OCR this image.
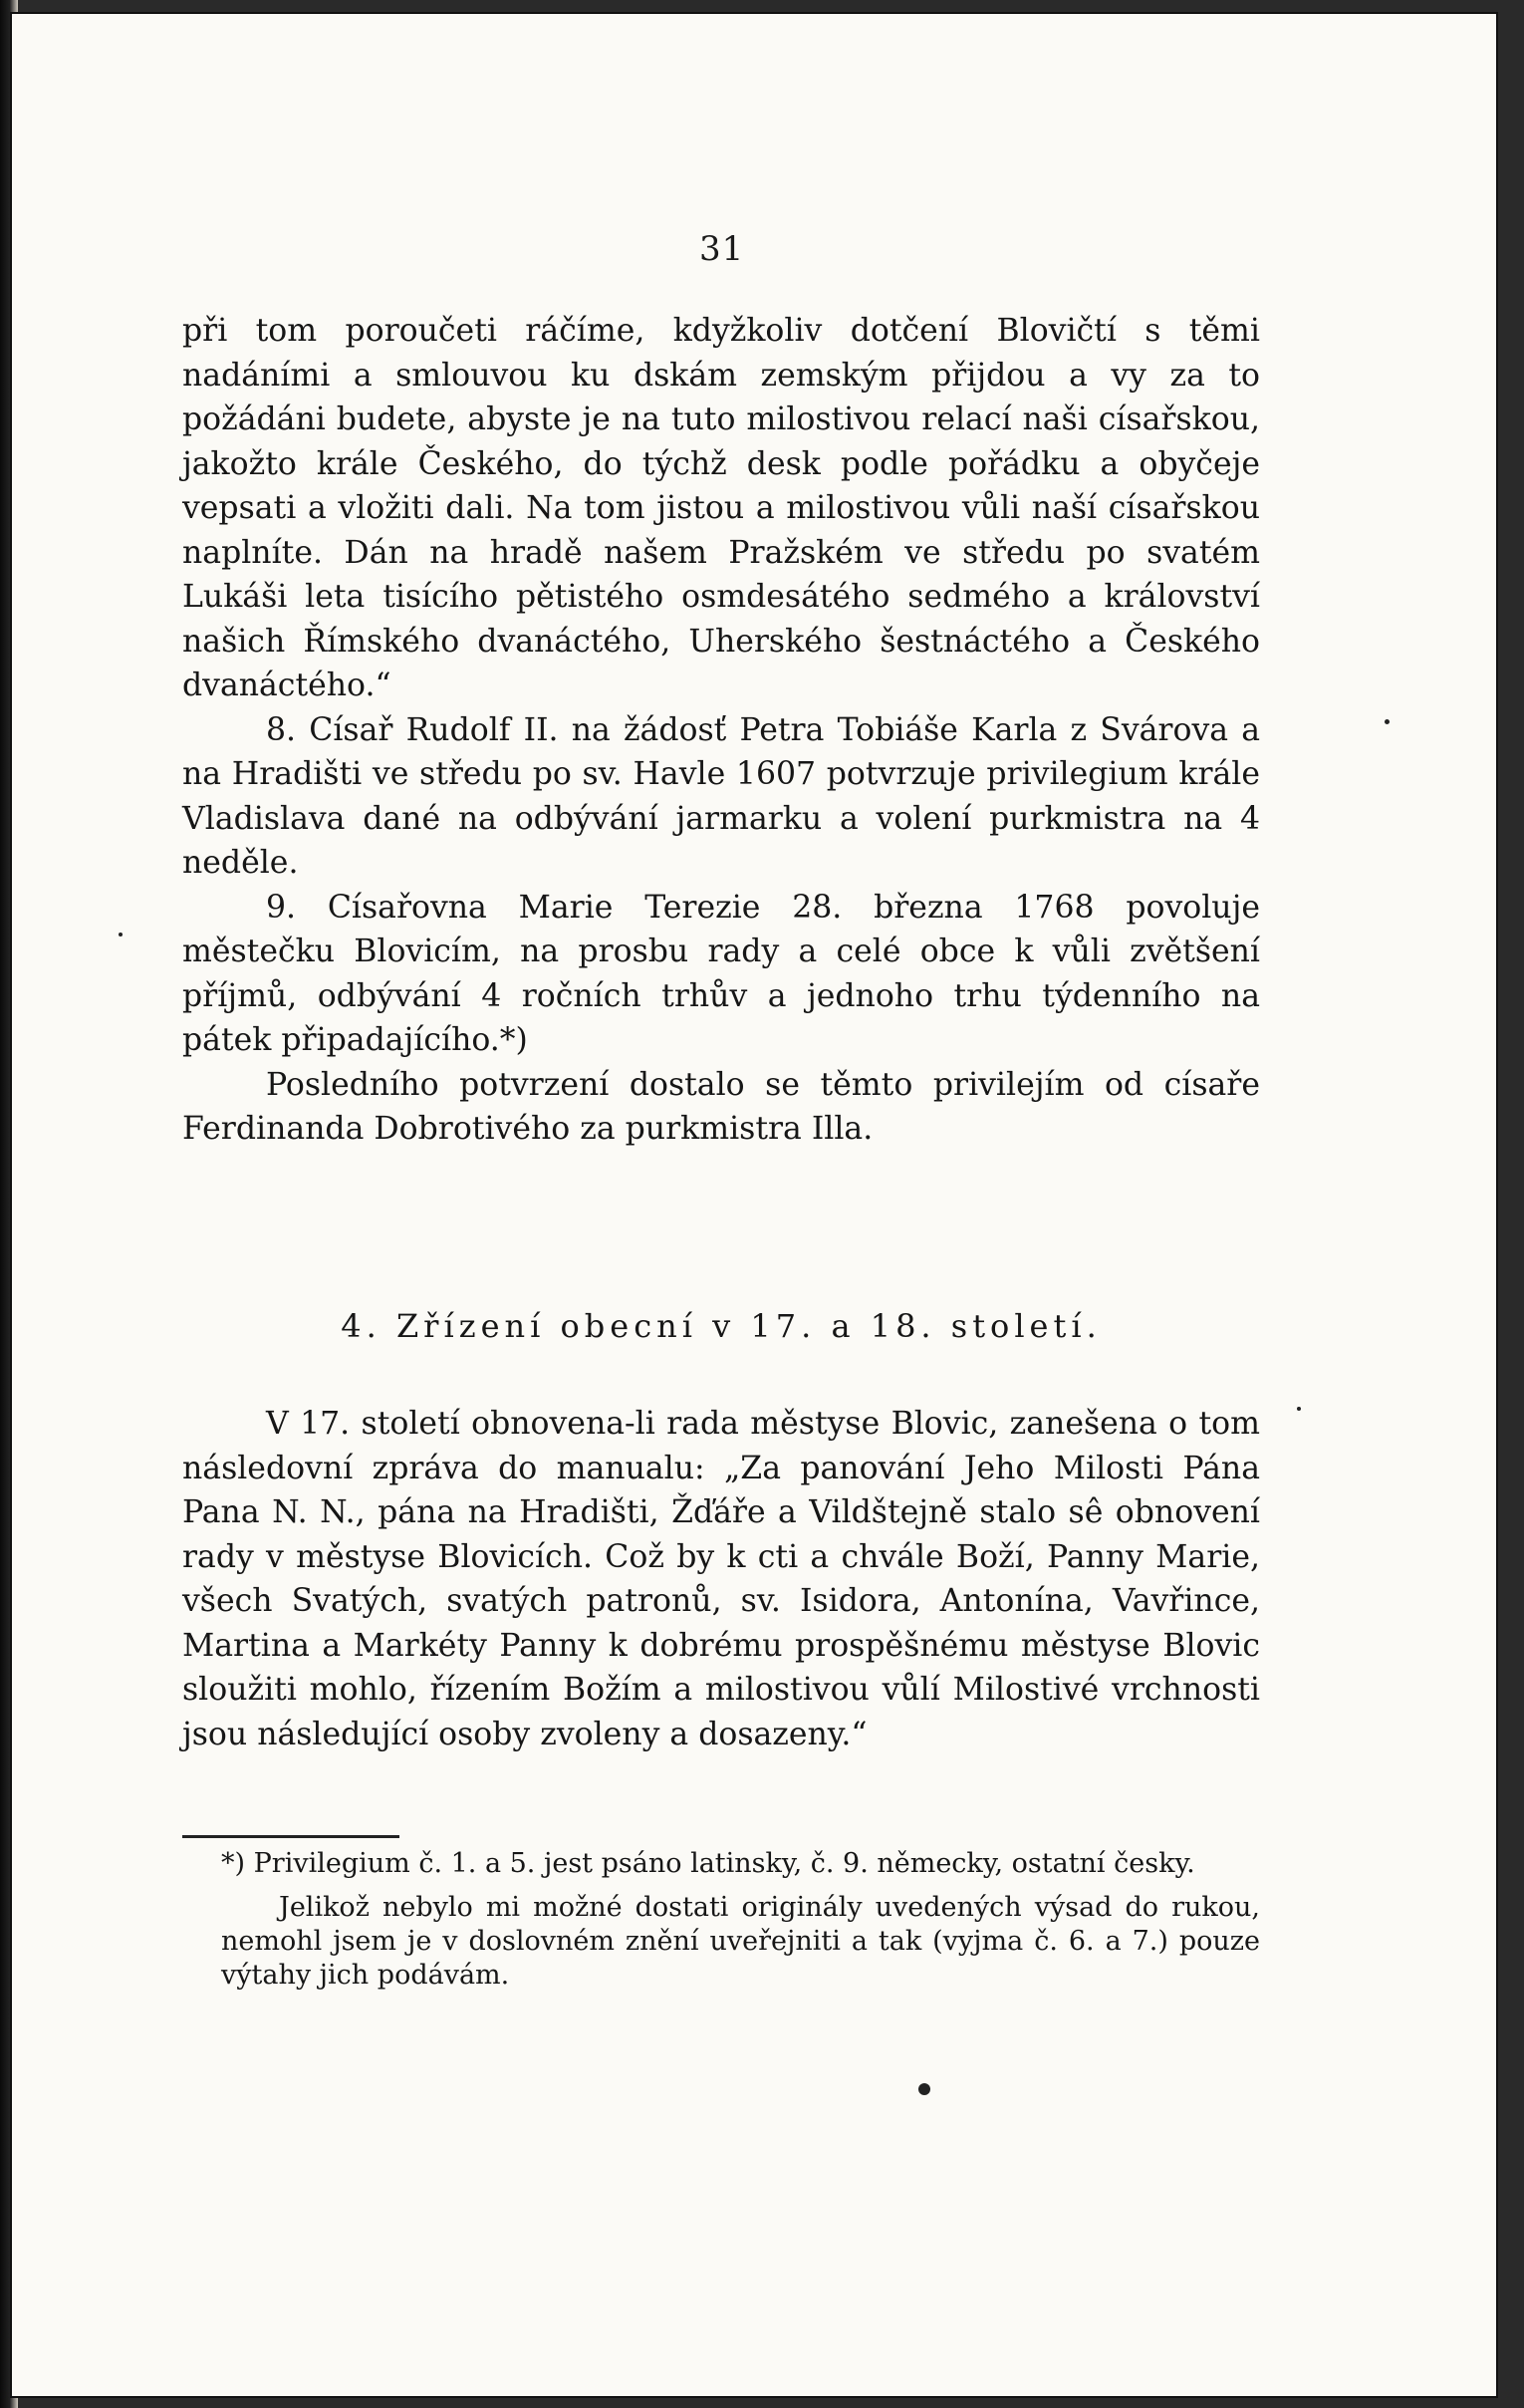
31

při tom poroučeti ráčíme, kdyžkoliv dotčení Blovičtí s těmi nadáními a smlouvou ku dskám zemským přijdou a vy za to požádáni budete, abyste je na tuto milostivou relací naši císařskou, jakožto krále Českého, do týchž desk podle pořádku a obyčeje vepsati a vložiti dali. Na tom jistou a milostivou vůli naší císařskou naplníte. Dán na hradě našem Pražském ve středu po svatém Lukáši leta tisícího pětistého osmdesátého sedmého a království našich Římského dvanáctého, Uherského šestnáctého a Českého dvanáctého.“

8. Císař Rudolf II. na žádosť Petra Tobiáše Karla z Svárova a na Hradišti ve středu po sv. Havle 1607 potvrzuje privilegium krále Vladislava dané na odbývání jarmarku a volení purkmistra na 4 neděle.

9. Císařovna Marie Terezie 28. března 1768 povoluje městečku Blovicím, na prosbu rady a celé obce k vůli zvětšení příjmů, odbývání 4 ročních trhův a jednoho trhu týdenního na pátek připadajícího.*)

Posledního potvrzení dostalo se těmto privilejím od císaře Ferdinanda Dobrotivého za purkmistra Illa.

4. Zřízení obecní v 17. a 18. století.

V 17. století obnovena-li rada městyse Blovic, zanešena o tom následovní zpráva do manualu: „Za panování Jeho Milosti Pána Pana N. N., pána na Hradišti, Žďáře a Vildštejně stalo sê obnovení rady v městyse Blovicích. Což by k cti a chvále Boží, Panny Marie, všech Svatých, svatých patronů, sv. Isidora, Antonína, Vavřince, Martina a Markéty Panny k dobrému prospěšnému městyse Blovic sloužiti mohlo, řízením Božím a milostivou vůlí Milostivé vrchnosti jsou následující osoby zvoleny a dosazeny.“

*) Privilegium č. 1. a 5. jest psáno latinsky, č. 9. německy, ostatní česky.

Jelikož nebylo mi možné dostati originály uvedených výsad do rukou, nemohl jsem je v doslovném znění uveřejniti a tak (vyjma č. 6. a 7.) pouze výtahy jich podávám.
